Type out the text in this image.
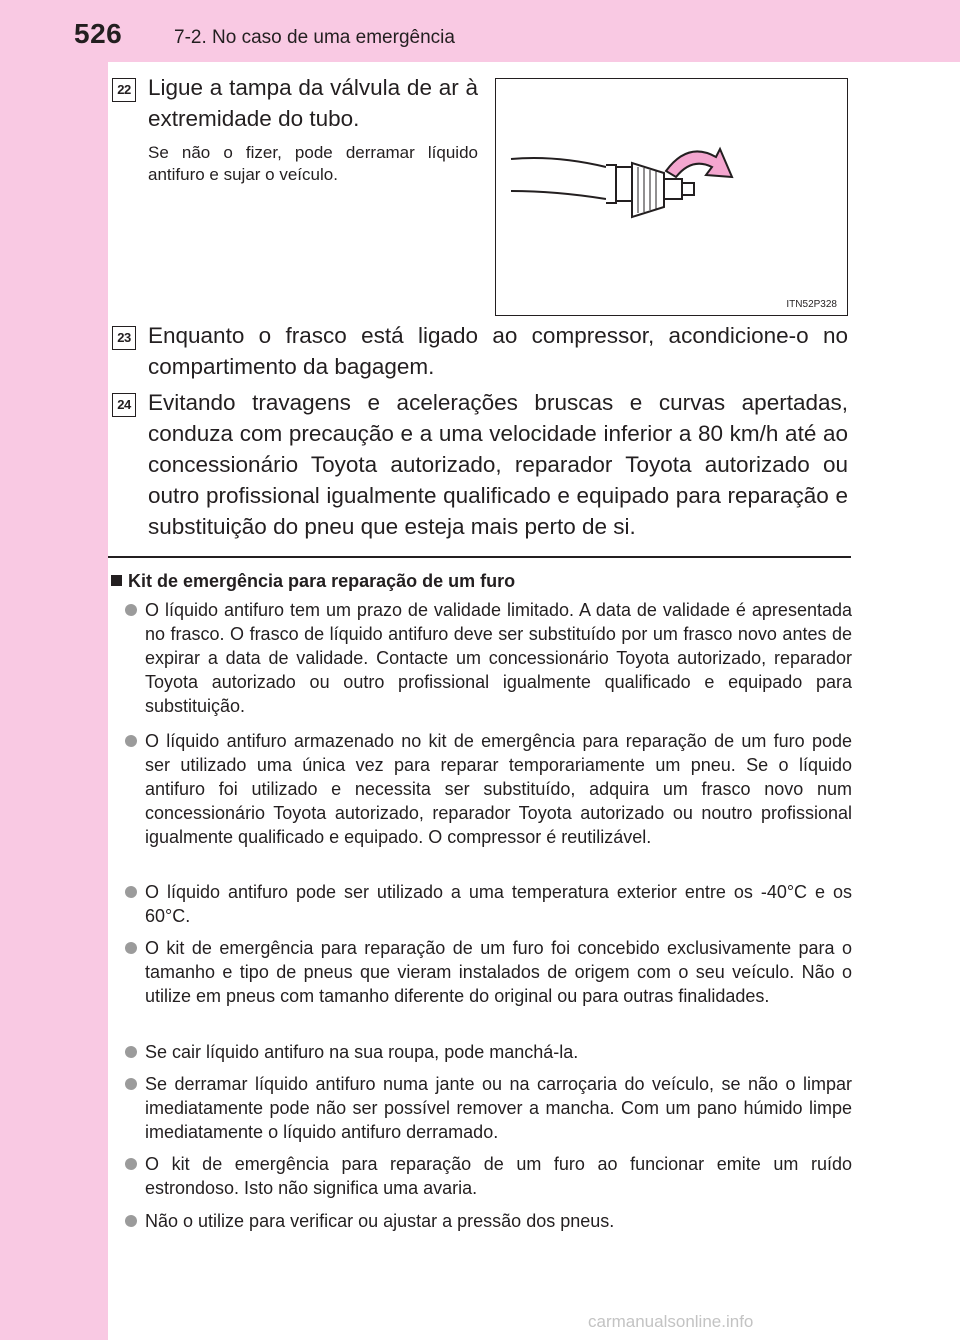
526	7-2. No caso de uma emergência
22 Ligue a tampa da válvula de ar à extremidade do tubo.
Se não o fizer, pode derramar líquido antifuro e sujar o veículo.
ITN52P328
23 Enquanto o frasco está ligado ao compressor, acondicione-o no compartimento da bagagem.
24 Evitando travagens e acelerações bruscas e curvas apertadas, conduza com precaução e a uma velocidade inferior a 80 km/h até ao concessionário Toyota autorizado, reparador Toyota autorizado ou outro profissional igualmente qualificado e equipado para reparação e substituição do pneu que esteja mais perto de si.
Kit de emergência para reparação de um furo
O líquido antifuro tem um prazo de validade limitado. A data de validade é apresentada no frasco. O frasco de líquido antifuro deve ser substituído por um frasco novo antes de expirar a data de validade. Contacte um concessionário Toyota autorizado, reparador Toyota autorizado ou outro profissional igualmente qualificado e equipado para substituição.
O líquido antifuro armazenado no kit de emergência para reparação de um furo pode ser utilizado uma única vez para reparar temporariamente um pneu. Se o líquido antifuro foi utilizado e necessita ser substituído, adquira um frasco novo num concessionário Toyota autorizado, reparador Toyota autorizado ou noutro profissional igualmente qualificado e equipado. O compressor é reutilizável.
O líquido antifuro pode ser utilizado a uma temperatura exterior entre os -40°C e os 60°C.
O kit de emergência para reparação de um furo foi concebido exclusivamente para o tamanho e tipo de pneus que vieram instalados de origem com o seu veículo. Não o utilize em pneus com tamanho diferente do original ou para outras finalidades.
Se cair líquido antifuro na sua roupa, pode manchá-la.
Se derramar líquido antifuro numa jante ou na carroçaria do veículo, se não o limpar imediatamente pode não ser possível remover a mancha. Com um pano húmido limpe imediatamente o líquido antifuro derramado.
O kit de emergência para reparação de um furo ao funcionar emite um ruído estrondoso. Isto não significa uma avaria.
Não o utilize para verificar ou ajustar a pressão dos pneus.
carmanualsonline.info
